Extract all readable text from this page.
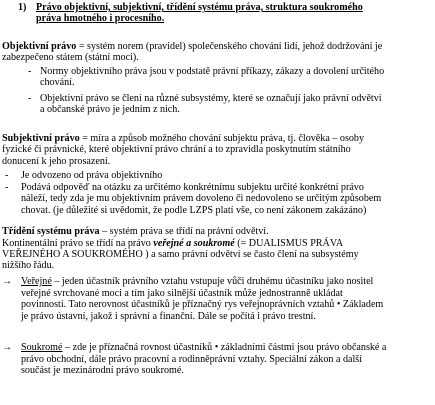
1) Právo objektivní, subjektivní, třídění systému práva, struktura soukromého
práva hmotného i procesního.
Objektivní právo = systém norem (pravidel) společenského chování lidí, jehož dodržování je
zabezpečeno státem (státní moci).
- Normy objektivního práva jsou v podstatě právní příkazy, zákazy a dovolení určitého
chování.
- Objektivní právo se člení na různé subsystémy, které se označují jako právní odvětví
a občanské právo je jedním z nich.
Subjektivní právo = míra a způsob možného chování subjektu práva, tj. člověka – osoby
fyzické či právnické, které objektivní právo chrání a to zpravidla poskytnutím státního
donucení k jeho prosazení.
- Je odvozeno od práva objektivního
- Podává odpověď na otázku za určitémo konkrétnímu subjektu určité konkrétní právo
náleží, tedy zda je mu objektivním právem dovoleno či nedovoleno se určitým způsobem
chovat. (je důležité si uvědomit, že podle LZPS platí vše, co není zákonem zakázáno)
Třídění systému práva – systém práva se třídí na právní odvětví.
Kontinentální právo se třídí na právo veřejné a soukromé (= DUALISMUS PRÁVA
VEŘEJNÉHO A SOUKROMÉHO ) a samo právní odvětví se často člení na subsystémy
nižšího řádu.
→ Veřejné – jeden účastník právního vztahu vstupuje vůči druhému účastníku jako nositel
veřejné svrchované moci a tím jako silnější účastník může jednostranně ukládat
povinnosti. Tato nerovnost účastníků je příznačný rys veřejnoprávních vztahů • Základem
je právo ústavní, jakož i správní a finanční. Dále se počítá i právo trestní.
→ Soukromé – zde je příznačná rovnost účastníků • základními částmi jsou právo občanské a
právo obchodní, dále právo pracovní a rodinněprávní vztahy. Speciální zákon a další
součást je mezinárodní právo soukromé.
